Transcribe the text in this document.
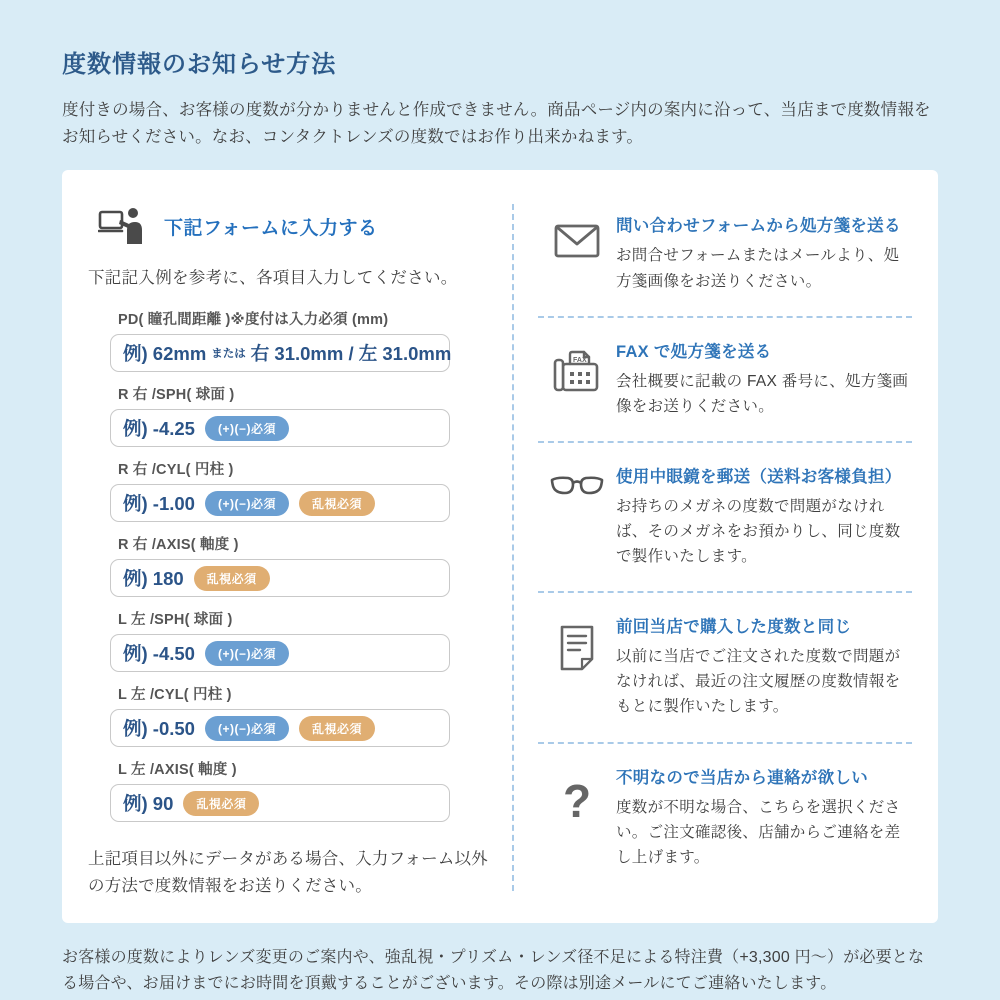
度数情報のお知らせ方法
度付きの場合、お客様の度数が分かりませんと作成できません。商品ページ内の案内に沿って、当店まで度数情報をお知らせください。なお、コンタクトレンズの度数ではお作り出来かねます。
下記フォームに入力する
下記記入例を参考に、各項目入力してください。
PD( 瞳孔間距離 )※度付は入力必須 (mm)
例) 62mm または 右 31.0mm / 左 31.0mm
R 右 /SPH( 球面 )
例) -4.25	(+)(−)必須
R 右 /CYL( 円柱 )
例) -1.00	(+)(−)必須	乱視必須
R 右 /AXIS( 軸度 )
例) 180	乱視必須
L 左 /SPH( 球面 )
例) -4.50	(+)(−)必須
L 左 /CYL( 円柱 )
例) -0.50	(+)(−)必須	乱視必須
L 左 /AXIS( 軸度 )
例) 90	乱視必須
上記項目以外にデータがある場合、入力フォーム以外の方法で度数情報をお送りください。
問い合わせフォームから処方箋を送る
お問合せフォームまたはメールより、処方箋画像をお送りください。
FAX FAX で処方箋を送る
会社概要に記載の FAX 番号に、処方箋画像をお送りください。
使用中眼鏡を郵送（送料お客様負担）
お持ちのメガネの度数で問題がなければ、そのメガネをお預かりし、同じ度数で製作いたします。
前回当店で購入した度数と同じ
以前に当店でご注文された度数で問題がなければ、最近の注文履歴の度数情報をもとに製作いたします。
? 不明なので当店から連絡が欲しい
度数が不明な場合、こちらを選択ください。ご注文確認後、店舗からご連絡を差し上げます。
お客様の度数によりレンズ変更のご案内や、強乱視・プリズム・レンズ径不足による特注費（+3,300 円～）が必要となる場合や、お届けまでにお時間を頂戴することがございます。その際は別途メールにてご連絡いたします。
